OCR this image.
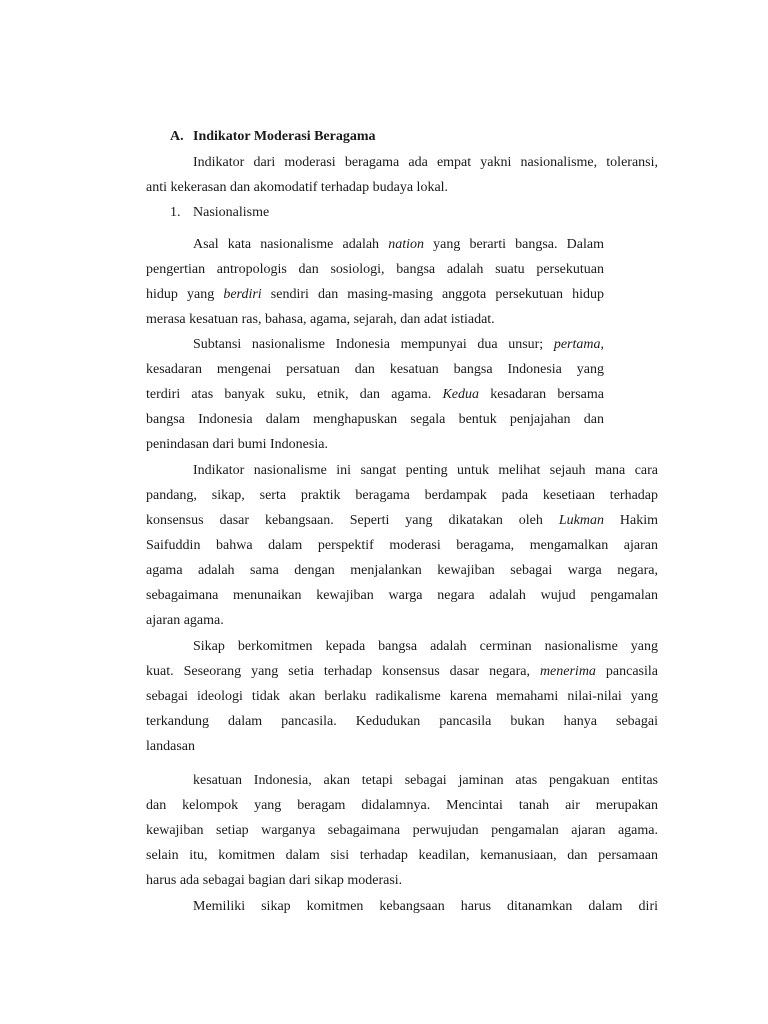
A. Indikator Moderasi Beragama
Indikator dari moderasi beragama ada empat yakni nasionalisme, toleransi,
anti kekerasan dan akomodatif terhadap budaya lokal.
1. Nasionalisme
Asal kata nasionalisme adalah nation yang berarti bangsa. Dalam
pengertian antropologis dan sosiologi, bangsa adalah suatu persekutuan
hidup yang berdiri sendiri dan masing-masing anggota persekutuan hidup
merasa kesatuan ras, bahasa, agama, sejarah, dan adat istiadat.
Subtansi nasionalisme Indonesia mempunyai dua unsur; pertama,
kesadaran mengenai persatuan dan kesatuan bangsa Indonesia yang
terdiri atas banyak suku, etnik, dan agama. Kedua kesadaran bersama
bangsa Indonesia dalam menghapuskan segala bentuk penjajahan dan
penindasan dari bumi Indonesia.
Indikator nasionalisme ini sangat penting untuk melihat sejauh mana cara
pandang, sikap, serta praktik beragama berdampak pada kesetiaan terhadap
konsensus dasar kebangsaan. Seperti yang dikatakan oleh Lukman Hakim
Saifuddin bahwa dalam perspektif moderasi beragama, mengamalkan ajaran
agama adalah sama dengan menjalankan kewajiban sebagai warga negara,
sebagaimana menunaikan kewajiban warga negara adalah wujud pengamalan
ajaran agama.
Sikap berkomitmen kepada bangsa adalah cerminan nasionalisme yang
kuat. Seseorang yang setia terhadap konsensus dasar negara, menerima pancasila
sebagai ideologi tidak akan berlaku radikalisme karena memahami nilai-nilai yang
terkandung dalam pancasila. Kedudukan pancasila bukan hanya sebagai
landasan
kesatuan Indonesia, akan tetapi sebagai jaminan atas pengakuan entitas
dan kelompok yang beragam didalamnya. Mencintai tanah air merupakan
kewajiban setiap warganya sebagaimana perwujudan pengamalan ajaran agama.
selain itu, komitmen dalam sisi terhadap keadilan, kemanusiaan, dan persamaan
harus ada sebagai bagian dari sikap moderasi.
Memiliki sikap komitmen kebangsaan harus ditanamkan dalam diri
